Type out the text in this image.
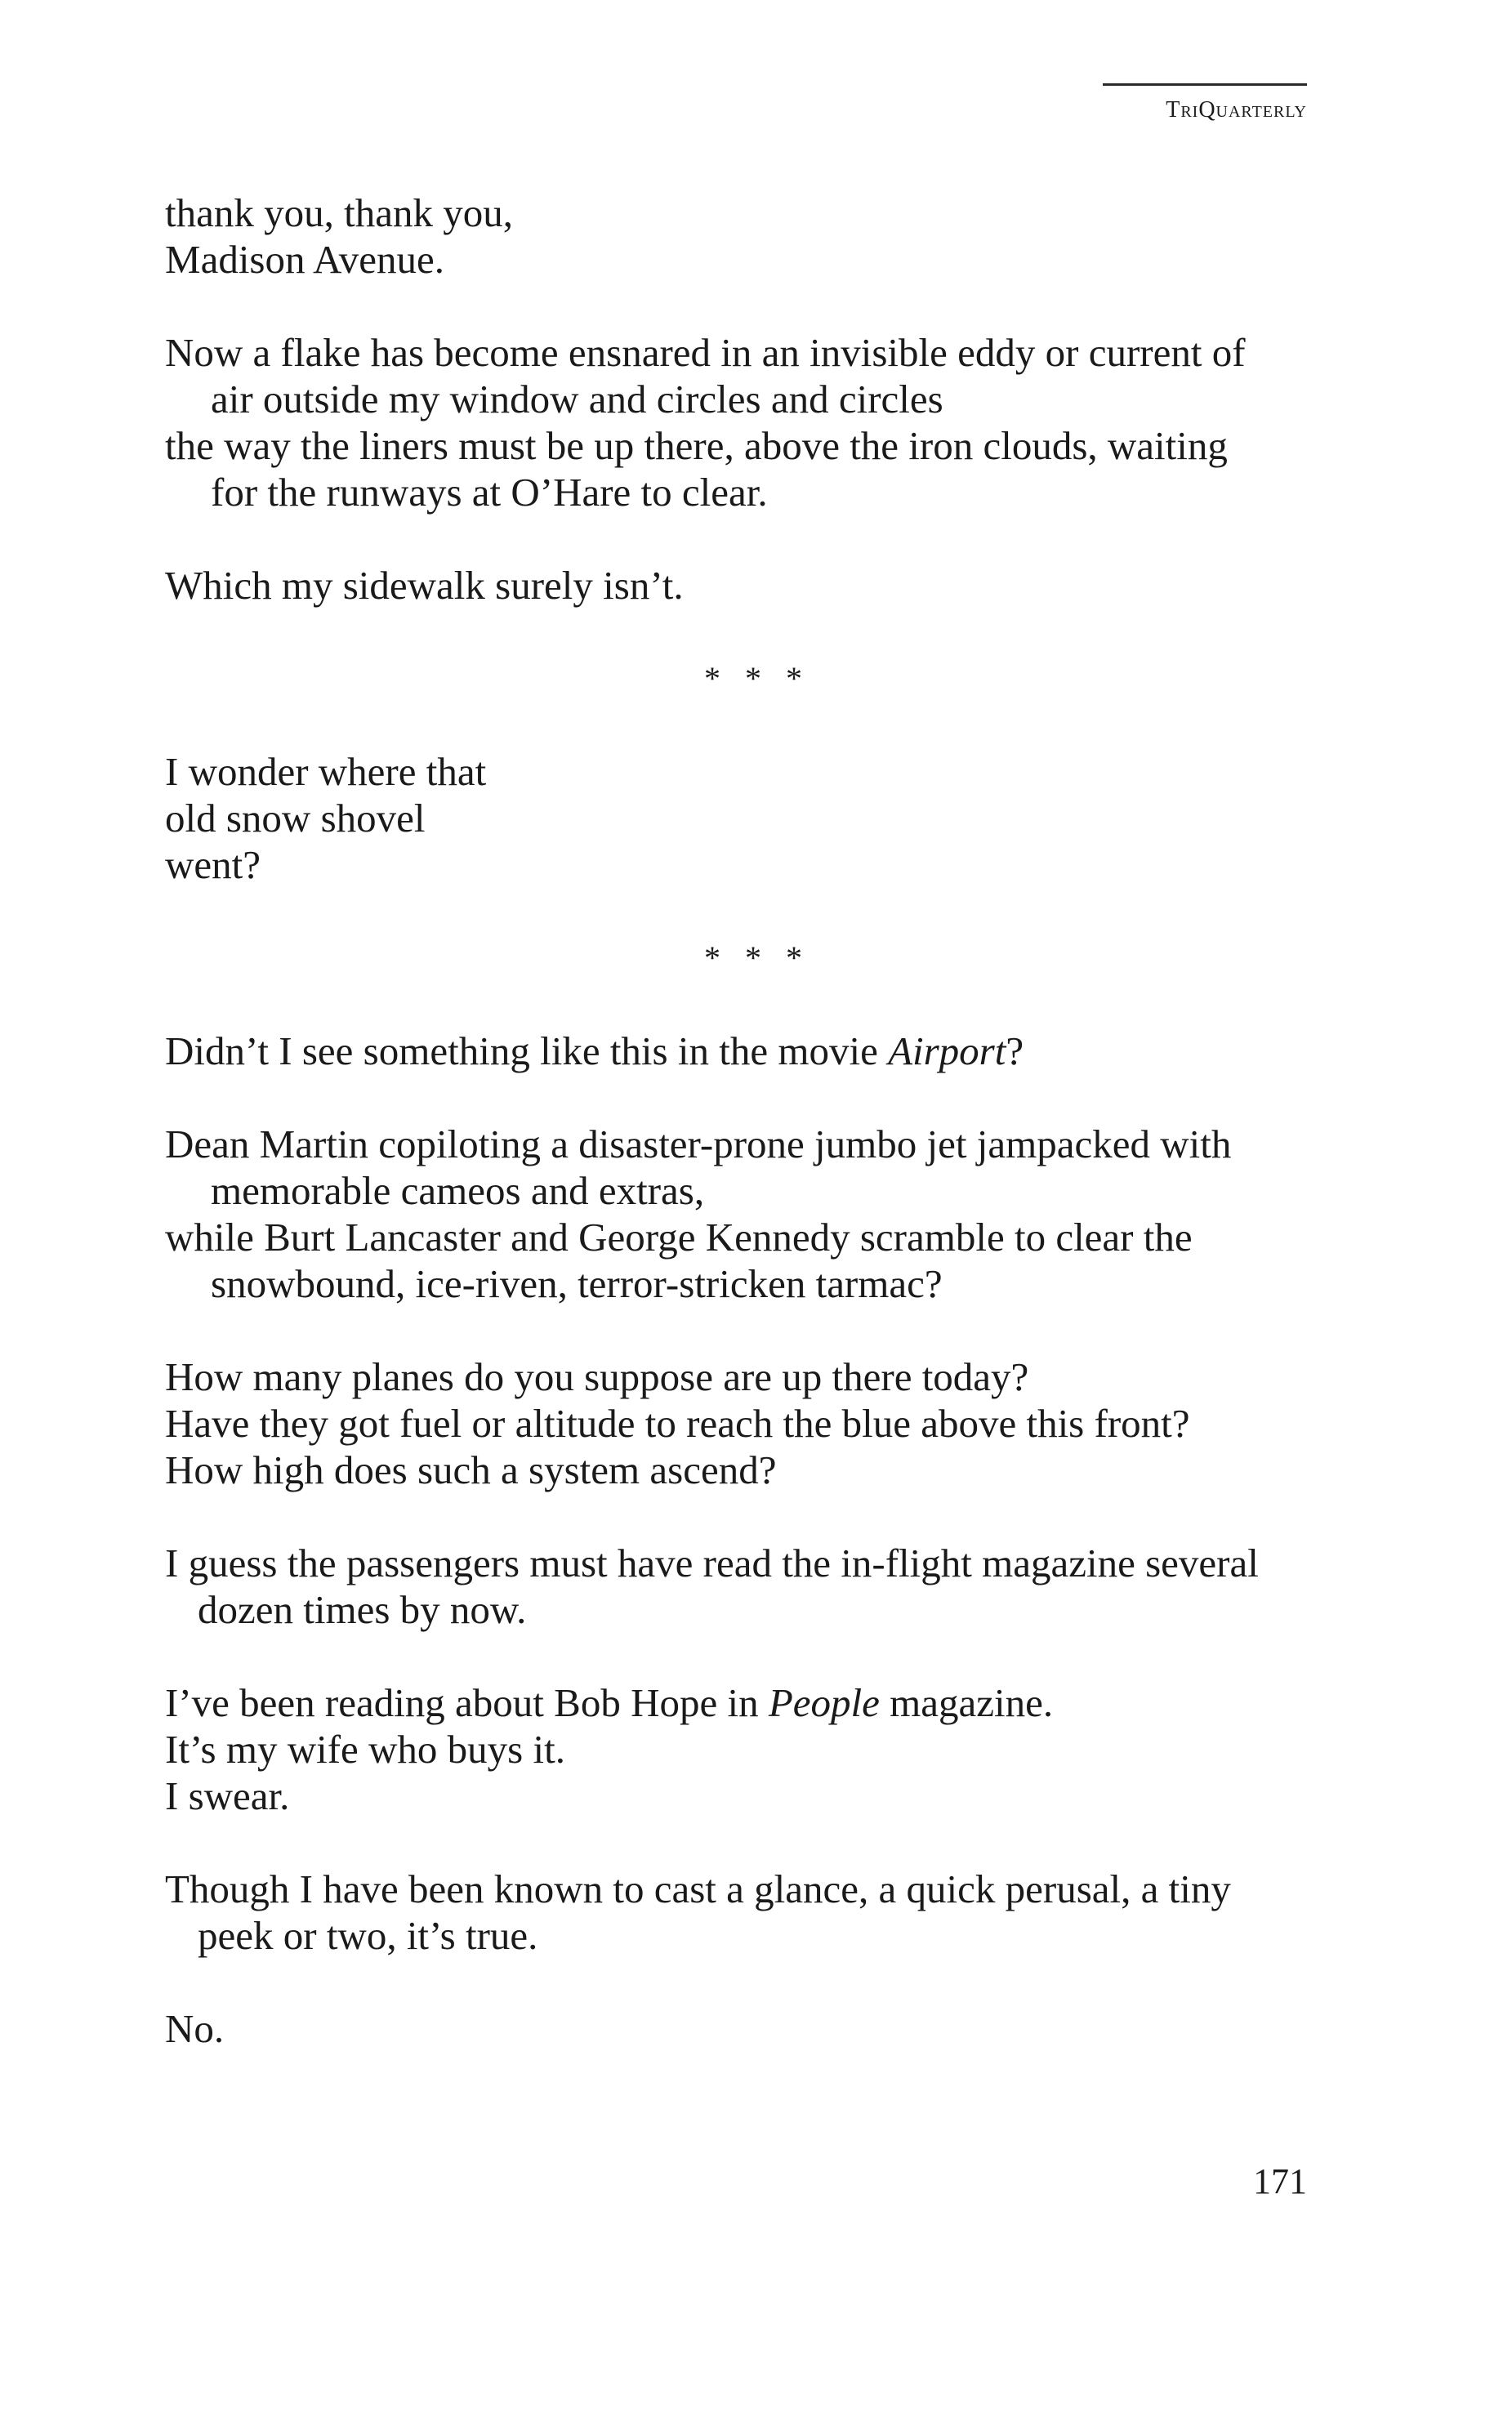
TriQuarterly
thank you, thank you,
Madison Avenue.
Now a flake has become ensnared in an invisible eddy or current of
air outside my window and circles and circles
the way the liners must be up there, above the iron clouds, waiting
for the runways at O’Hare to clear.
Which my sidewalk surely isn’t.
* * *
I wonder where that
old snow shovel
went?
* * *
Didn’t I see something like this in the movie Airport?
Dean Martin copiloting a disaster-prone jumbo jet jampacked with
memorable cameos and extras,
while Burt Lancaster and George Kennedy scramble to clear the
snowbound, ice-riven, terror-stricken tarmac?
How many planes do you suppose are up there today?
Have they got fuel or altitude to reach the blue above this front?
How high does such a system ascend?
I guess the passengers must have read the in-flight magazine several
dozen times by now.
I’ve been reading about Bob Hope in People magazine.
It’s my wife who buys it.
I swear.
Though I have been known to cast a glance, a quick perusal, a tiny
peek or two, it’s true.
No.
171
